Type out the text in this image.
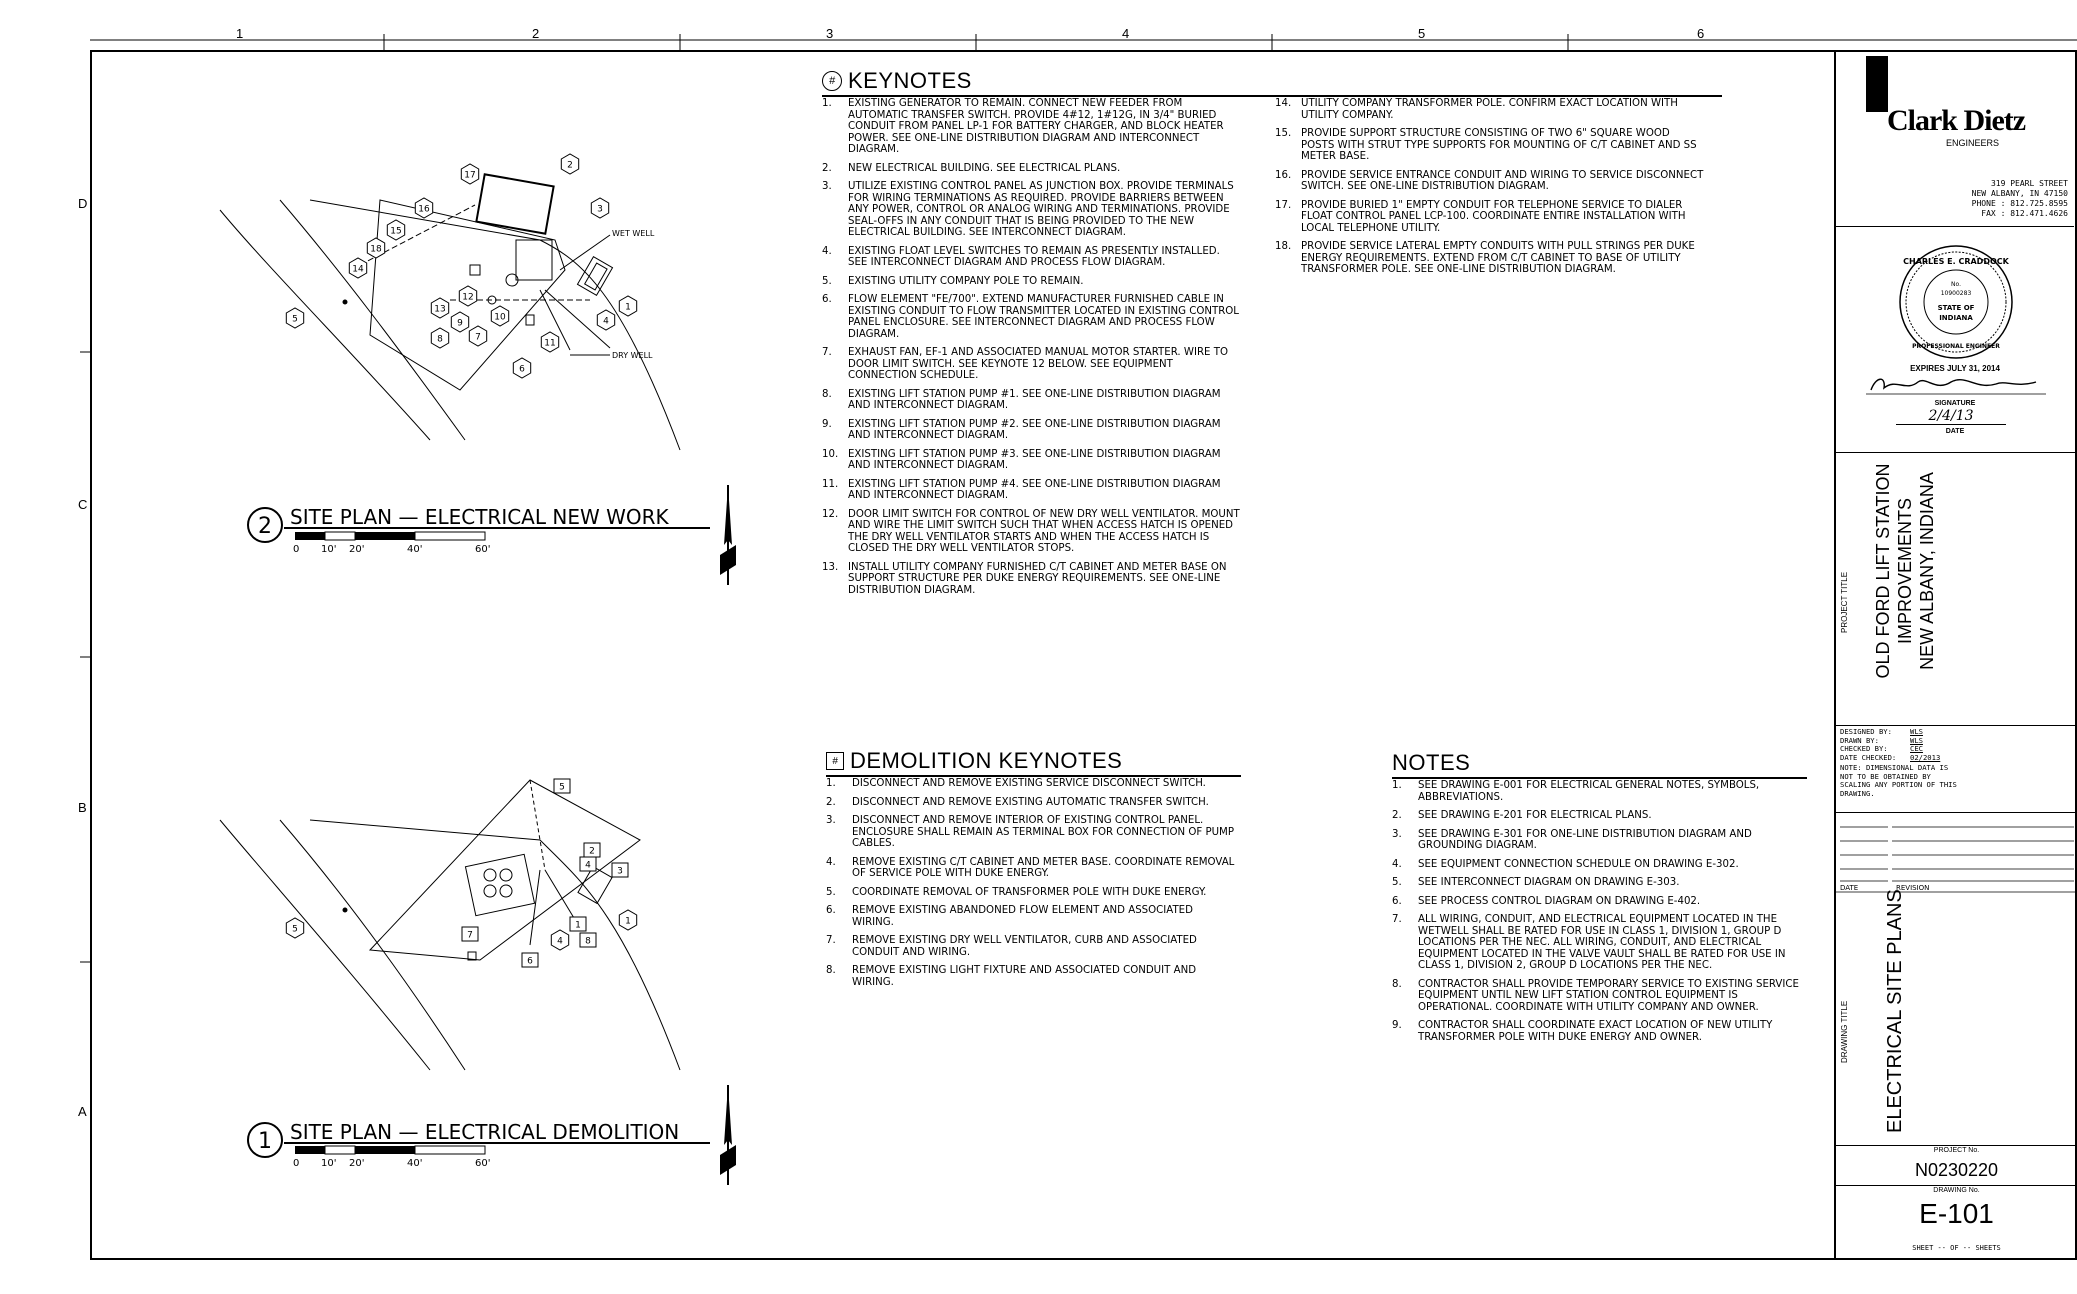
1	2	3	4	5	6
D
C
B
A
WET WELL
DRY WELL
1
2
3
4
5
6
7
8
9
10
11
12
13
14
15
16
17
18
2 SITE PLAN — ELECTRICAL NEW WORK
0 10' 20'	40'	60'
1
5
4
1
2
4
3
5
8
6
7
1 SITE PLAN — ELECTRICAL DEMOLITION
0 10' 20'	40'	60'
# KEYNOTES
1.	EXISTING GENERATOR TO REMAIN. CONNECT NEW FEEDER FROM AUTOMATIC TRANSFER SWITCH. PROVIDE 4#12, 1#12G, IN 3/4" BURIED CONDUIT FROM PANEL LP-1 FOR BATTERY CHARGER, AND BLOCK HEATER POWER. SEE ONE-LINE DISTRIBUTION DIAGRAM AND INTERCONNECT DIAGRAM.
2.	NEW ELECTRICAL BUILDING. SEE ELECTRICAL PLANS.
3.	UTILIZE EXISTING CONTROL PANEL AS JUNCTION BOX. PROVIDE TERMINALS FOR WIRING TERMINATIONS AS REQUIRED. PROVIDE BARRIERS BETWEEN ANY POWER, CONTROL OR ANALOG WIRING AND TERMINATIONS. PROVIDE SEAL-OFFS IN ANY CONDUIT THAT IS BEING PROVIDED TO THE NEW ELECTRICAL BUILDING. SEE INTERCONNECT DIAGRAM.
4.	EXISTING FLOAT LEVEL SWITCHES TO REMAIN AS PRESENTLY INSTALLED. SEE INTERCONNECT DIAGRAM AND PROCESS FLOW DIAGRAM.
5.	EXISTING UTILITY COMPANY POLE TO REMAIN.
6.	FLOW ELEMENT "FE/700". EXTEND MANUFACTURER FURNISHED CABLE IN EXISTING CONDUIT TO FLOW TRANSMITTER LOCATED IN EXISTING CONTROL PANEL ENCLOSURE. SEE INTERCONNECT DIAGRAM AND PROCESS FLOW DIAGRAM.
7.	EXHAUST FAN, EF-1 AND ASSOCIATED MANUAL MOTOR STARTER. WIRE TO DOOR LIMIT SWITCH. SEE KEYNOTE 12 BELOW. SEE EQUIPMENT CONNECTION SCHEDULE.
8.	EXISTING LIFT STATION PUMP #1. SEE ONE-LINE DISTRIBUTION DIAGRAM AND INTERCONNECT DIAGRAM.
9.	EXISTING LIFT STATION PUMP #2. SEE ONE-LINE DISTRIBUTION DIAGRAM AND INTERCONNECT DIAGRAM.
10. EXISTING LIFT STATION PUMP #3. SEE ONE-LINE DISTRIBUTION DIAGRAM AND INTERCONNECT DIAGRAM.
11. EXISTING LIFT STATION PUMP #4. SEE ONE-LINE DISTRIBUTION DIAGRAM AND INTERCONNECT DIAGRAM.
12. DOOR LIMIT SWITCH FOR CONTROL OF NEW DRY WELL VENTILATOR. MOUNT AND WIRE THE LIMIT SWITCH SUCH THAT WHEN ACCESS HATCH IS OPENED THE DRY WELL VENTILATOR STARTS AND WHEN THE ACCESS HATCH IS CLOSED THE DRY WELL VENTILATOR STOPS.
13. INSTALL UTILITY COMPANY FURNISHED C/T CABINET AND METER BASE ON SUPPORT STRUCTURE PER DUKE ENERGY REQUIREMENTS. SEE ONE-LINE DISTRIBUTION DIAGRAM.
14. UTILITY COMPANY TRANSFORMER POLE. CONFIRM EXACT LOCATION WITH UTILITY COMPANY.
15. PROVIDE SUPPORT STRUCTURE CONSISTING OF TWO 6" SQUARE WOOD POSTS WITH STRUT TYPE SUPPORTS FOR MOUNTING OF C/T CABINET AND SS METER BASE.
16. PROVIDE SERVICE ENTRANCE CONDUIT AND WIRING TO SERVICE DISCONNECT SWITCH. SEE ONE-LINE DISTRIBUTION DIAGRAM.
17. PROVIDE BURIED 1" EMPTY CONDUIT FOR TELEPHONE SERVICE TO DIALER FLOAT CONTROL PANEL LCP-100. COORDINATE ENTIRE INSTALLATION WITH LOCAL TELEPHONE UTILITY.
18. PROVIDE SERVICE LATERAL EMPTY CONDUITS WITH PULL STRINGS PER DUKE ENERGY REQUIREMENTS. EXTEND FROM C/T CABINET TO BASE OF UTILITY TRANSFORMER POLE. SEE ONE-LINE DISTRIBUTION DIAGRAM.
# DEMOLITION KEYNOTES
1.	DISCONNECT AND REMOVE EXISTING SERVICE DISCONNECT SWITCH.
2.	DISCONNECT AND REMOVE EXISTING AUTOMATIC TRANSFER SWITCH.
3.	DISCONNECT AND REMOVE INTERIOR OF EXISTING CONTROL PANEL. ENCLOSURE SHALL REMAIN AS TERMINAL BOX FOR CONNECTION OF PUMP CABLES.
4.	REMOVE EXISTING C/T CABINET AND METER BASE. COORDINATE REMOVAL OF SERVICE POLE WITH DUKE ENERGY.
5.	COORDINATE REMOVAL OF TRANSFORMER POLE WITH DUKE ENERGY.
6.	REMOVE EXISTING ABANDONED FLOW ELEMENT AND ASSOCIATED WIRING.
7.	REMOVE EXISTING DRY WELL VENTILATOR, CURB AND ASSOCIATED CONDUIT AND WIRING.
8.	REMOVE EXISTING LIGHT FIXTURE AND ASSOCIATED CONDUIT AND WIRING.
NOTES
1.	SEE DRAWING E-001 FOR ELECTRICAL GENERAL NOTES, SYMBOLS, ABBREVIATIONS.
2.	SEE DRAWING E-201 FOR ELECTRICAL PLANS.
3.	SEE DRAWING E-301 FOR ONE-LINE DISTRIBUTION DIAGRAM AND GROUNDING DIAGRAM.
4.	SEE EQUIPMENT CONNECTION SCHEDULE ON DRAWING E-302.
5.	SEE INTERCONNECT DIAGRAM ON DRAWING E-303.
6.	SEE PROCESS CONTROL DIAGRAM ON DRAWING E-402.
7.	ALL WIRING, CONDUIT, AND ELECTRICAL EQUIPMENT LOCATED IN THE WETWELL SHALL BE RATED FOR USE IN CLASS 1, DIVISION 1, GROUP D LOCATIONS PER THE NEC. ALL WIRING, CONDUIT, AND ELECTRICAL EQUIPMENT LOCATED IN THE VALVE VAULT SHALL BE RATED FOR USE IN CLASS 1, DIVISION 2, GROUP D LOCATIONS PER THE NEC.
8.	CONTRACTOR SHALL PROVIDE TEMPORARY SERVICE TO EXISTING SERVICE EQUIPMENT UNTIL NEW LIFT STATION CONTROL EQUIPMENT IS OPERATIONAL. COORDINATE WITH UTILITY COMPANY AND OWNER.
9.	CONTRACTOR SHALL COORDINATE EXACT LOCATION OF NEW UTILITY TRANSFORMER POLE WITH DUKE ENERGY AND OWNER.
Clark Dietz
ENGINEERS
319 PEARL STREET
NEW ALBANY, IN 47150
PHONE : 812.725.8595
FAX : 812.471.4626
CHARLES E. CRADDOCK
No.
10900283
STATE OF
INDIANA
PROFESSIONAL ENGINEER
EXPIRES JULY 31, 2014
SIGNATURE
2/4/13
DATE
PROJECT TITLE OLD FORD LIFT STATION IMPROVEMENTS NEW ALBANY, INDIANA
DESIGNED BY:	WLS
DRAWN BY:	WLS
CHECKED BY:	CEC
DATE CHECKED:	02/2013
NOTE: DIMENSIONAL DATA IS NOT TO BE OBTAINED BY SCALING ANY PORTION OF THIS DRAWING.
DATE	REVISION
DRAWING TITLE ELECTRICAL SITE PLANS
PROJECT No.
N0230220
DRAWING No.
E-101
SHEET -- OF -- SHEETS
